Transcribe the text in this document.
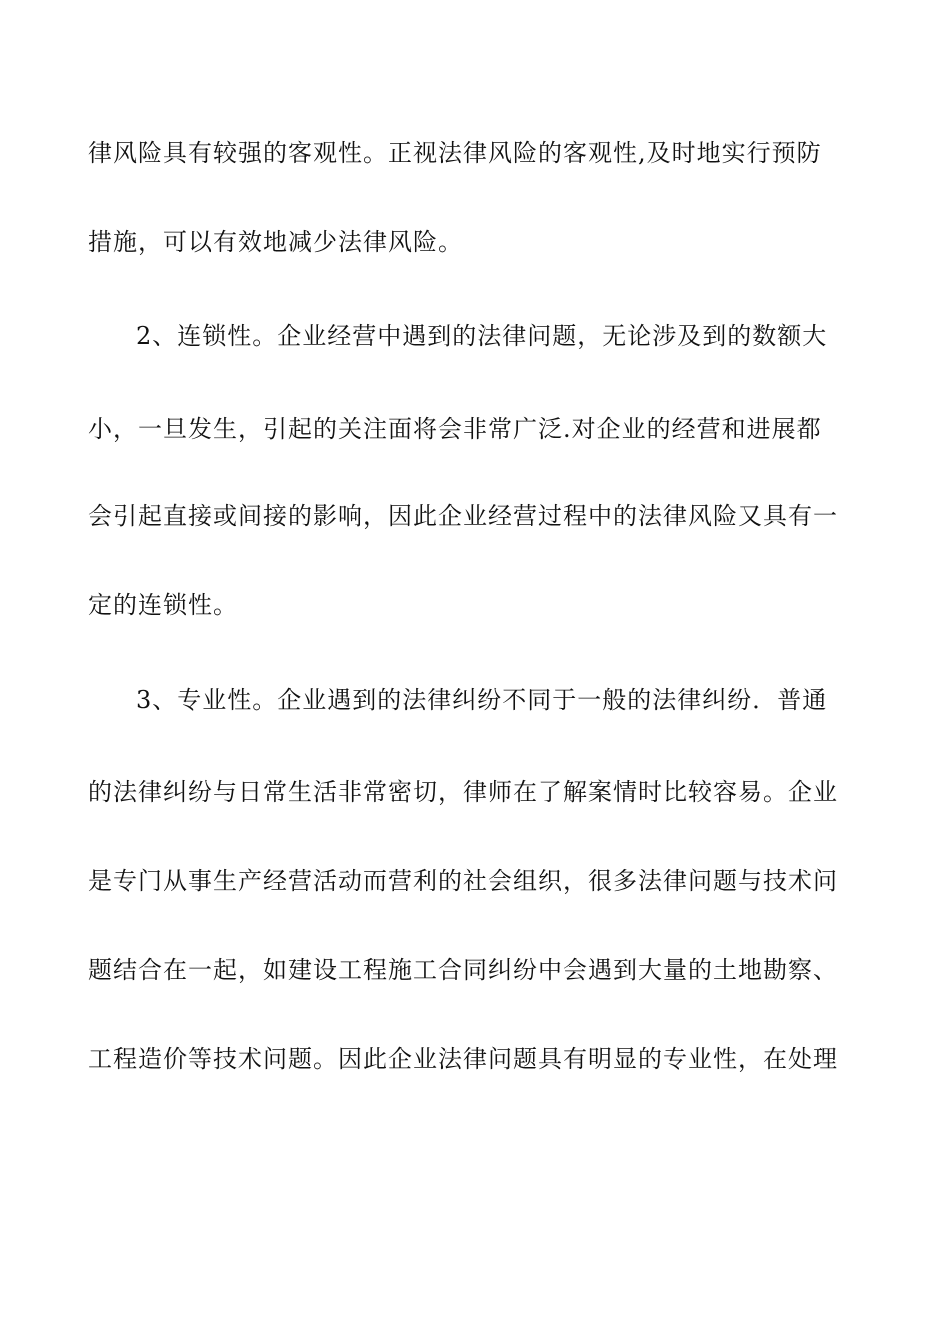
律风险具有较强的客观性。正视法律风险的客观性,及时地实行预防
措施，可以有效地减少法律风险。
2、连锁性。企业经营中遇到的法律问题，无论涉及到的数额大
小，一旦发生，引起的关注面将会非常广泛.对企业的经营和进展都
会引起直接或间接的影响，因此企业经营过程中的法律风险又具有一
定的连锁性。
3、专业性。企业遇到的法律纠纷不同于一般的法律纠纷．普通
的法律纠纷与日常生活非常密切，律师在了解案情时比较容易。企业
是专门从事生产经营活动而营利的社会组织，很多法律问题与技术问
题结合在一起，如建设工程施工合同纠纷中会遇到大量的土地勘察、
工程造价等技术问题。因此企业法律问题具有明显的专业性，在处理
